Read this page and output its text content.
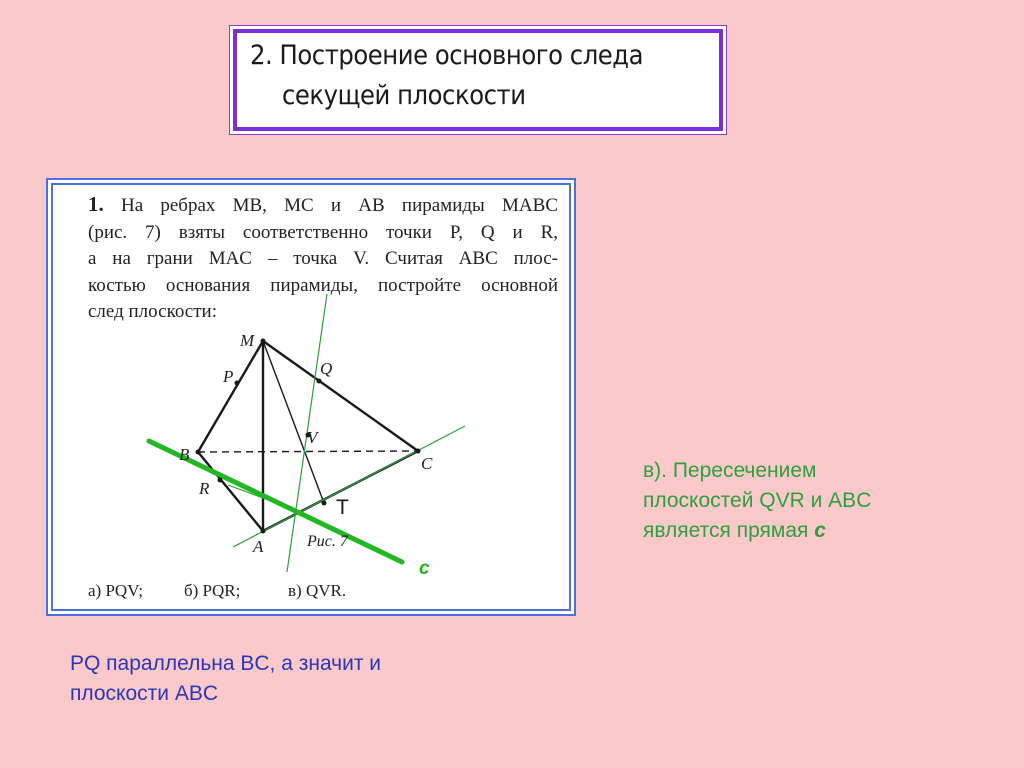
2. Построение основного следа
секущей плоскости
1. На ребрах MB, MC и AB пирамиды MABC
(рис. 7) взяты соответственно точки P, Q и R,
а на грани MAC – точка V. Считая ABC плос-
костью основания пирамиды, постройте основной
след плоскости:
M
P	Q
V
B	C
R
A	Рис. 7
T
c
а) PQV; б) PQR;	в) QVR.
в). Пересечением
плоскостей QVR и ABC
является прямая c
PQ параллельна BC, а значит и
плоскости ABC
